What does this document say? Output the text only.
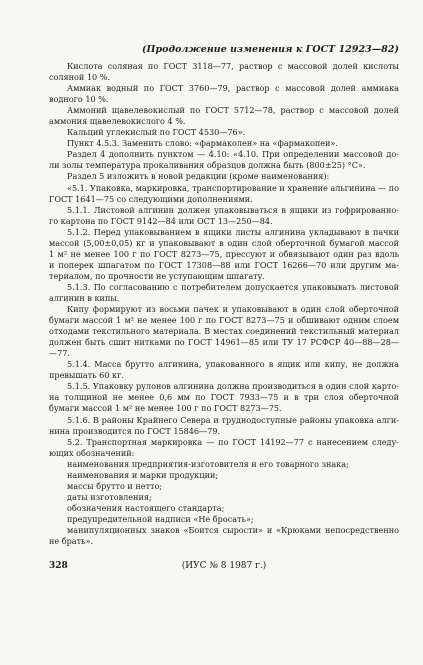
(Продолжение изменения к ГОСТ 12923—82)
Кислота соляная по ГОСТ 3118—77, раствор с массовой долей кислоты
соляной 10 %.
Аммиак водный по ГОСТ 3760—79, раствор с массовой долей аммиака
водного 10 %.
Аммоний щавелевокислый по ГОСТ 5712—78, раствор с массовой долей
аммония щавелевокислого 4 %.
Кальций углекислый по ГОСТ 4530—76».
Пункт 4.5.3. Заменить слово: «фармаколен» на «фармакопеи».
Раздел 4 дополнить пунктом — 4.10: «4.10. При определении массовой до-
ли золы температура прокаливания образцов должна быть (800±25) °С».
Раздел 5 изложить в новой редакции (кроме наименования):
«5.1. Упаковка, маркировка, транспортирование и хранение альгинина — по
ГОСТ 1641—75 со следующими дополнениями.
5.1.1. Листовой алгинин должен упаковываться в ящики из гофрированно-
го картона по ГОСТ 9142—84 или ОСТ 13—250—84.
5.1.2. Перед упаковыванием в ящики листы алгинина укладывают в пачки
массой (5,00±0,05) кг и упаковывают в один слой оберточной бумагой массой
1 м² не менее 100 г по ГОСТ 8273—75, прессуют и обвязывают один раз вдоль
и поперек шпагатом по ГОСТ 17308—88 или ГОСТ 16266—70 или другим ма-
териалом, по прочности не уступающим шпагату.
5.1.3. По согласованию с потребителем допускается упаковывать листовой
алгинин в кипы.
Кипу формируют из восьми пачек и упаковывают в один слой оберточной
бумаги массой 1 м² не менее 100 г по ГОСТ 8273—75 и обшивают одним слоем
отходами текстильного материала. В местах соединений текстильный материал
должен быть сшит нитками по ГОСТ 14961—85 или ТУ 17 РСФСР 40—88—28—
—77.
5.1.4. Масса брутто алгинина, упакованного в ящик или кипу, не должна
превышать 60 кг.
5.1.5. Упаковку рулонов алгинина должна производиться в один слой карто-
на толщиной не менее 0,6 мм по ГОСТ 7933—75 и в три слоя оберточной
бумаги массой 1 м² не менее 100 г по ГОСТ 8273—75.
5.1.6. В районы Крайнего Севера и труднодоступные районы упаковка алги-
нина производится по ГОСТ 15846—79.
5.2. Транспортная маркировка — по ГОСТ 14192—77 с нанесением следу-
ющих обозначений:
наименования предприятия-изготовителя и его товарного знака;
наименования и марки продукции;
массы брутто и нетто;
даты изготовления;
обозначения настоящего стандарта;
предупредительной надписи «Не бросать»;
манипуляционных знаков «Боится сырости» и «Крюками непосредственно
не брать».
328	(ИУС № 8 1987 г.)
